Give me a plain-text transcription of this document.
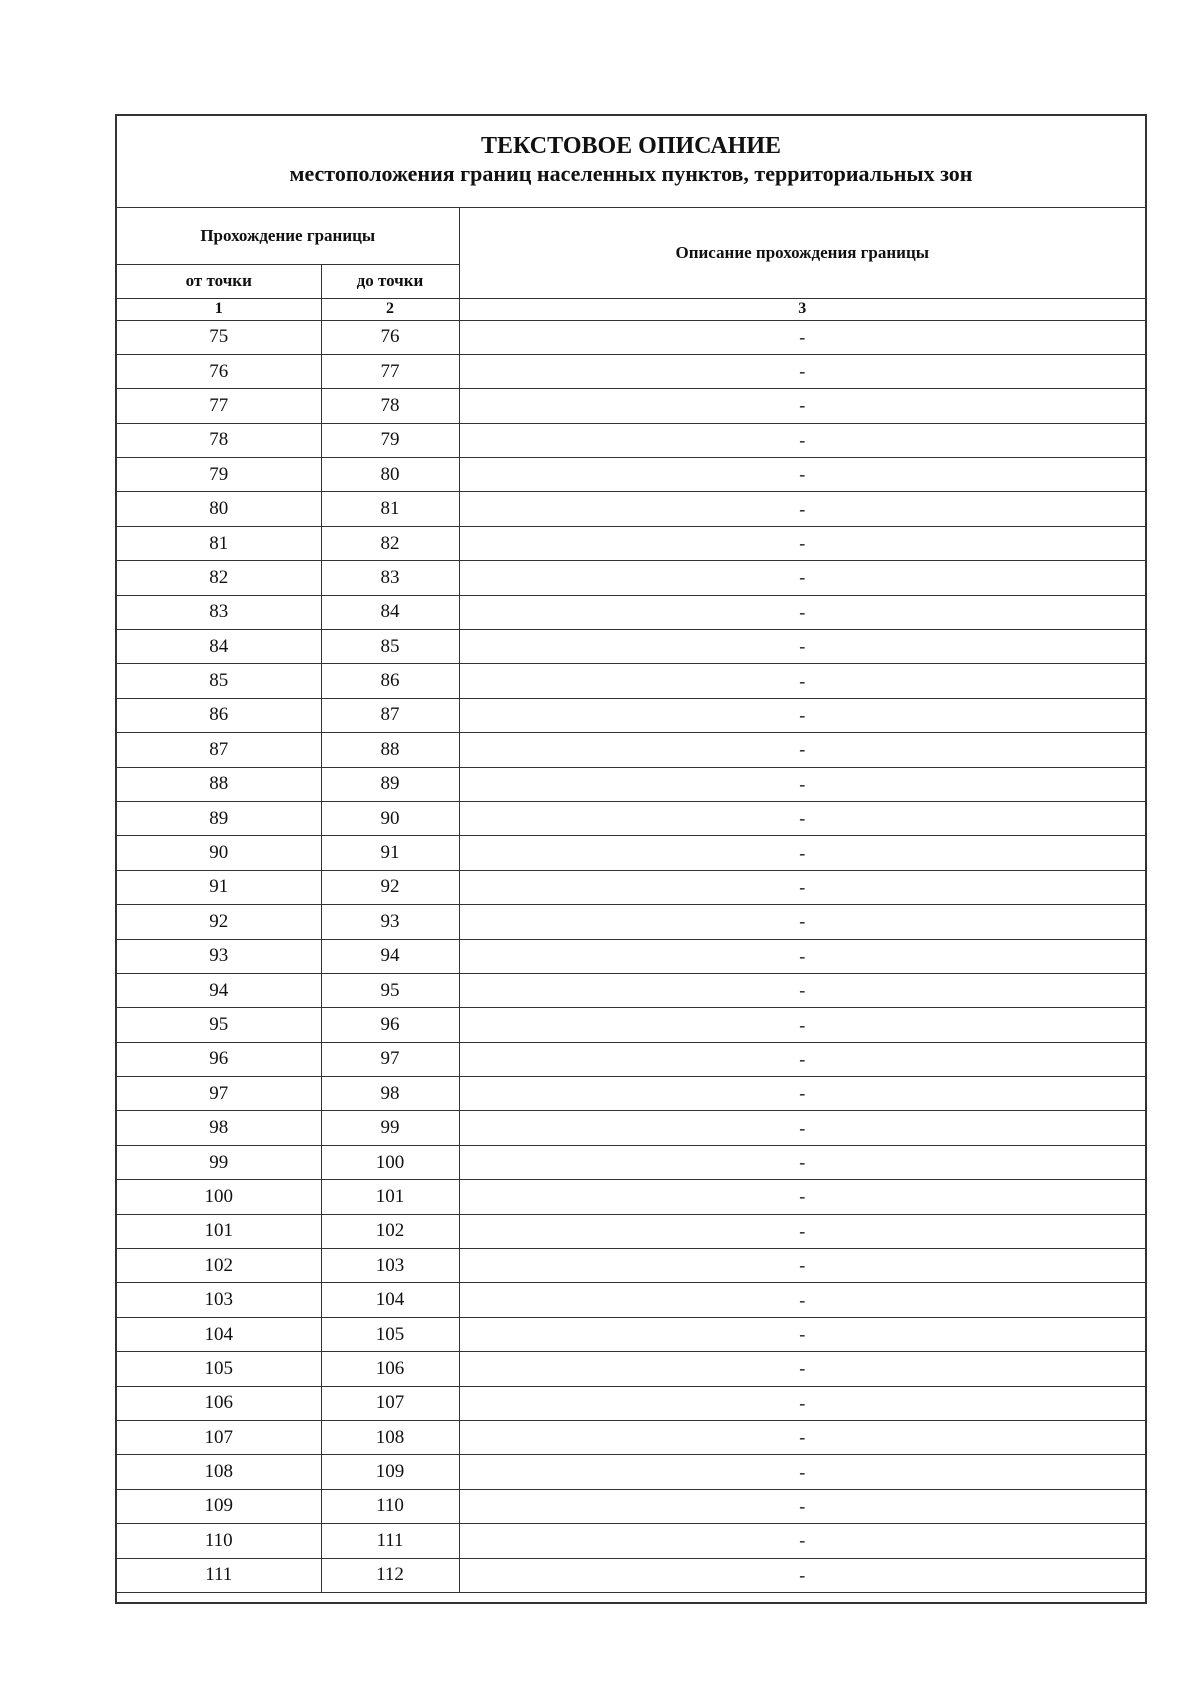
ТЕКСТОВОЕ ОПИСАНИЕ
местоположения границ населенных пунктов, территориальных зон
Прохождение границы		Описание прохождения границы
от точки	до точки	
1	2	3
75	76	-
76	77	-
77	78	-
78	79	-
79	80	-
80	81	-
81	82	-
82	83	-
83	84	-
84	85	-
85	86	-
86	87	-
87	88	-
88	89	-
89	90	-
90	91	-
91	92	-
92	93	-
93	94	-
94	95	-
95	96	-
96	97	-
97	98	-
98	99	-
99	100	-
100	101	-
101	102	-
102	103	-
103	104	-
104	105	-
105	106	-
106	107	-
107	108	-
108	109	-
109	110	-
110	111	-
111	112	-
